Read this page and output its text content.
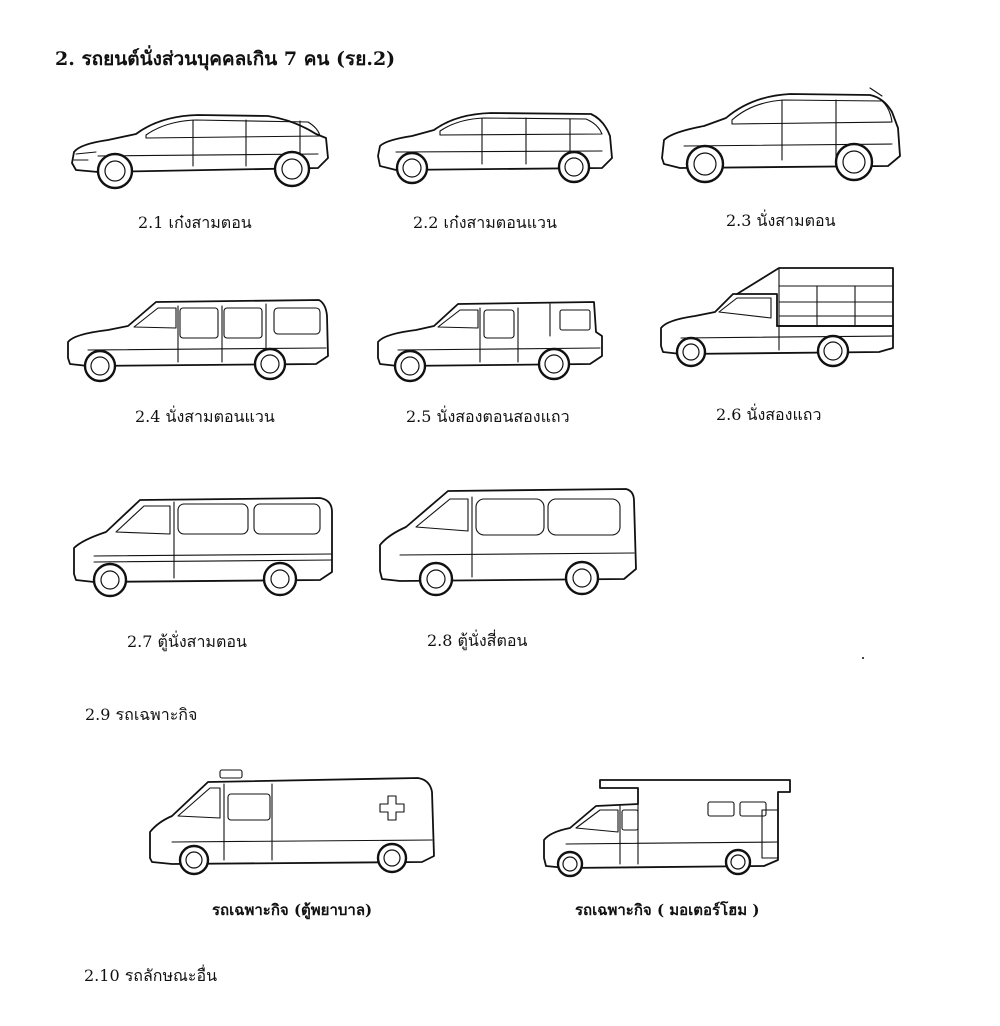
2. รถยนต์นั่งส่วนบุคคลเกิน 7 คน (รย.2)
2.1 เก๋งสามตอน	2.2 เก๋งสามตอนแวน	2.3 นั่งสามตอน
2.4 นั่งสามตอนแวน	2.5 นั่งสองตอนสองแถว	2.6 นั่งสองแถว
2.7 ตู้นั่งสามตอน	2.8 ตู้นั่งสี่ตอน
2.9 รถเฉพาะกิจ
รถเฉพาะกิจ (ตู้พยาบาล)	รถเฉพาะกิจ ( มอเตอร์โฮม )
2.10 รถลักษณะอื่น
